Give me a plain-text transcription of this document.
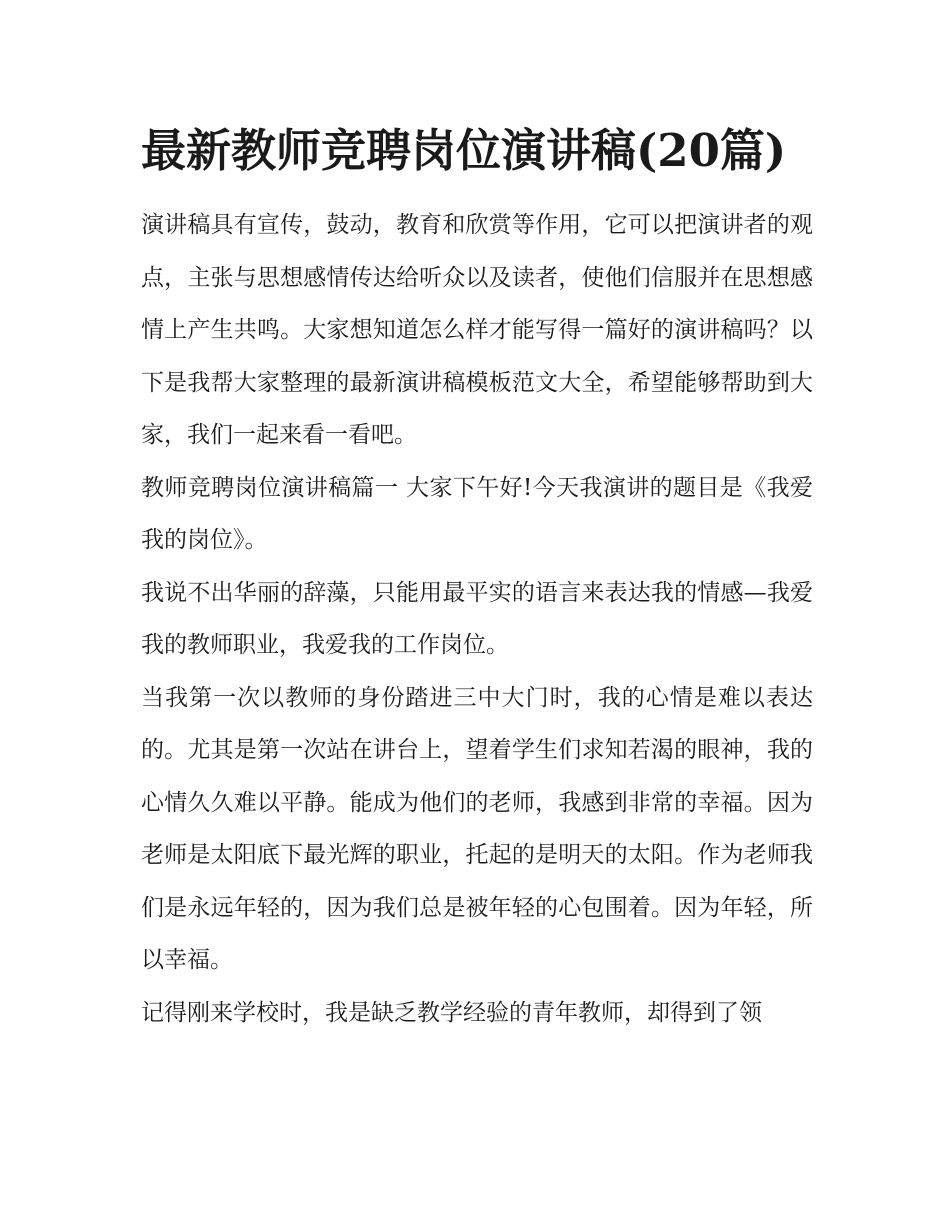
最新教师竞聘岗位演讲稿(20篇)

演讲稿具有宣传，鼓动，教育和欣赏等作用，它可以把演讲者的观点，主张与思想感情传达给听众以及读者，使他们信服并在思想感情上产生共鸣。大家想知道怎么样才能写得一篇好的演讲稿吗？以下是我帮大家整理的最新演讲稿模板范文大全，希望能够帮助到大家，我们一起来看一看吧。

教师竞聘岗位演讲稿篇一 大家下午好!今天我演讲的题目是《我爱我的岗位》。

我说不出华丽的辞藻，只能用最平实的语言来表达我的情感—我爱我的教师职业，我爱我的工作岗位。

当我第一次以教师的身份踏进三中大门时，我的心情是难以表达的。尤其是第一次站在讲台上，望着学生们求知若渴的眼神，我的心情久久难以平静。能成为他们的老师，我感到非常的幸福。因为老师是太阳底下最光辉的职业，托起的是明天的太阳。作为老师我们是永远年轻的，因为我们总是被年轻的心包围着。因为年轻，所以幸福。

记得刚来学校时，我是缺乏教学经验的青年教师，却得到了领
